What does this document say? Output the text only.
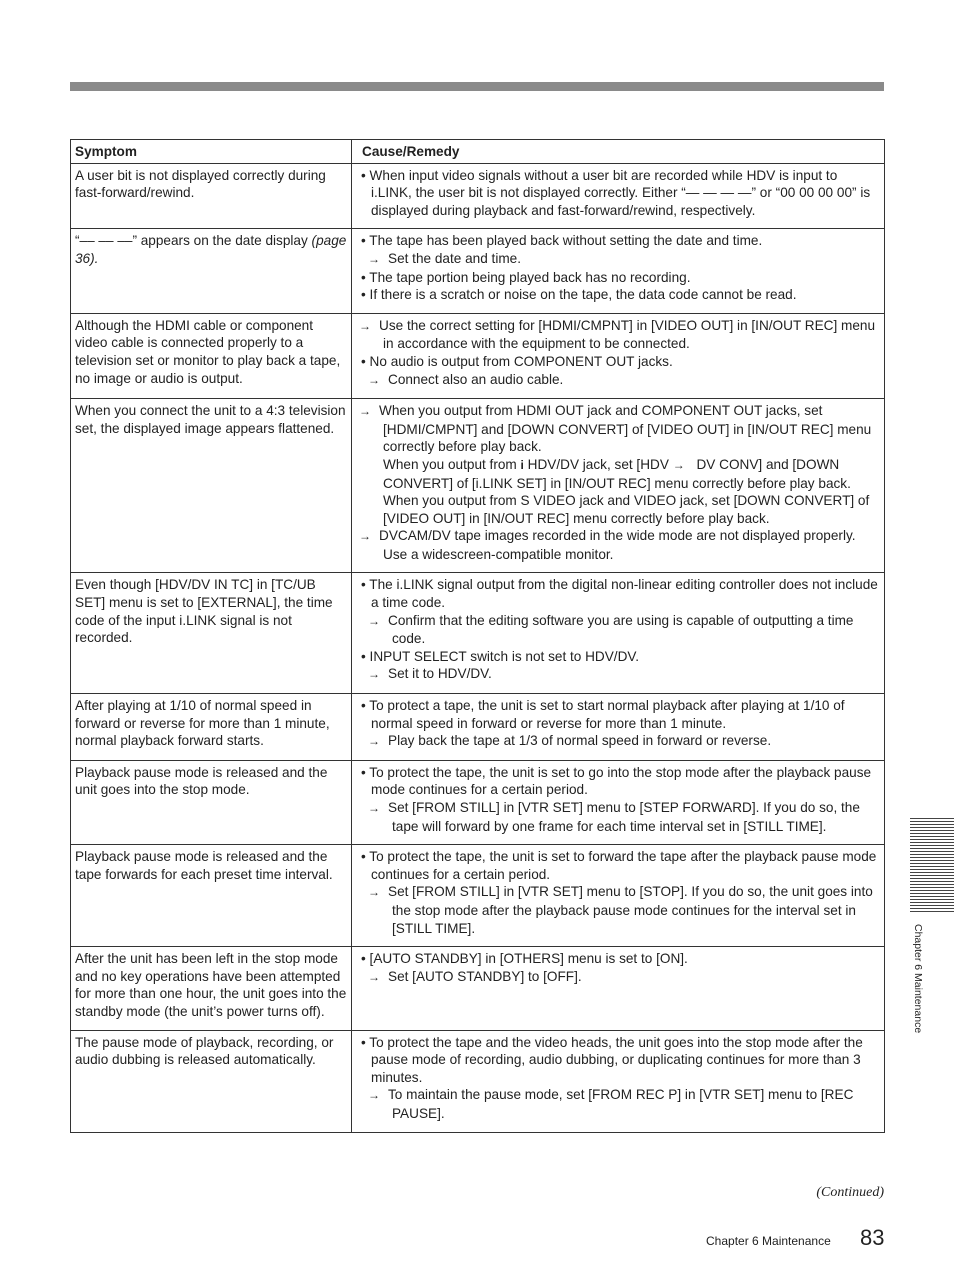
Symptom	Cause/Remedy
A user bit is not displayed correctly during fast-forward/rewind.	• When input video signals without a user bit are recorded while HDV is input to i.LINK, the user bit is not displayed correctly. Either “— — — —” or “00 00 00 00” is displayed during playback and fast-forward/rewind, respectively.

“–– –– ––” appears on the date display (page 36).	• The tape has been played back without setting the date and time.
→ Set the date and time.
• The tape portion being played back has no recording.
• If there is a scratch or noise on the tape, the data code cannot be read.

Although the HDMI cable or component video cable is connected properly to a television set or monitor to play back a tape, no image or audio is output.	→ Use the correct setting for [HDMI/CMPNT] in [VIDEO OUT] in [IN/OUT REC] menu in accordance with the equipment to be connected.
• No audio is output from COMPONENT OUT jacks.
→ Connect also an audio cable.

When you connect the unit to a 4:3 television set, the displayed image appears flattened.	→ When you output from HDMI OUT jack and COMPONENT OUT jacks, set [HDMI/CMPNT] and [DOWN CONVERT] of [VIDEO OUT] in [IN/OUT REC] menu correctly before play back.
When you output from i HDV/DV jack, set [HDV → DV CONV] and [DOWN CONVERT] of [i.LINK SET] in [IN/OUT REC] menu correctly before play back.
When you output from S VIDEO jack and VIDEO jack, set [DOWN CONVERT] of [VIDEO OUT] in [IN/OUT REC] menu correctly before play back.
→ DVCAM/DV tape images recorded in the wide mode are not displayed properly. Use a widescreen-compatible monitor.

Even though [HDV/DV IN TC] in [TC/UB SET] menu is set to [EXTERNAL], the time code of the input i.LINK signal is not recorded.	• The i.LINK signal output from the digital non-linear editing controller does not include a time code.
→ Confirm that the editing software you are using is capable of outputting a time code.
• INPUT SELECT switch is not set to HDV/DV.
→ Set it to HDV/DV.

After playing at 1/10 of normal speed in forward or reverse for more than 1 minute, normal playback forward starts.	• To protect a tape, the unit is set to start normal playback after playing at 1/10 of normal speed in forward or reverse for more than 1 minute.
→ Play back the tape at 1/3 of normal speed in forward or reverse.

Playback pause mode is released and the unit goes into the stop mode.	• To protect the tape, the unit is set to go into the stop mode after the playback pause mode continues for a certain period.
→ Set [FROM STILL] in [VTR SET] menu to [STEP FORWARD]. If you do so, the tape will forward by one frame for each time interval set in [STILL TIME].

Playback pause mode is released and the tape forwards for each preset time interval.	• To protect the tape, the unit is set to forward the tape after the playback pause mode continues for a certain period.
→ Set [FROM STILL] in [VTR SET] menu to [STOP]. If you do so, the unit goes into the stop mode after the playback pause mode continues for the interval set in [STILL TIME].

After the unit has been left in the stop mode and no key operations have been attempted for more than one hour, the unit goes into the standby mode (the unit’s power turns off).	• [AUTO STANDBY] in [OTHERS] menu is set to [ON].
→ Set [AUTO STANDBY] to [OFF].

The pause mode of playback, recording, or audio dubbing is released automatically.	• To protect the tape and the video heads, the unit goes into the stop mode after the pause mode of recording, audio dubbing, or duplicating continues for more than 3 minutes.
→ To maintain the pause mode, set [FROM REC P] in [VTR SET] menu to [REC PAUSE].
(Continued)
Chapter 6 Maintenance 83
Chapter 6 Maintenance
